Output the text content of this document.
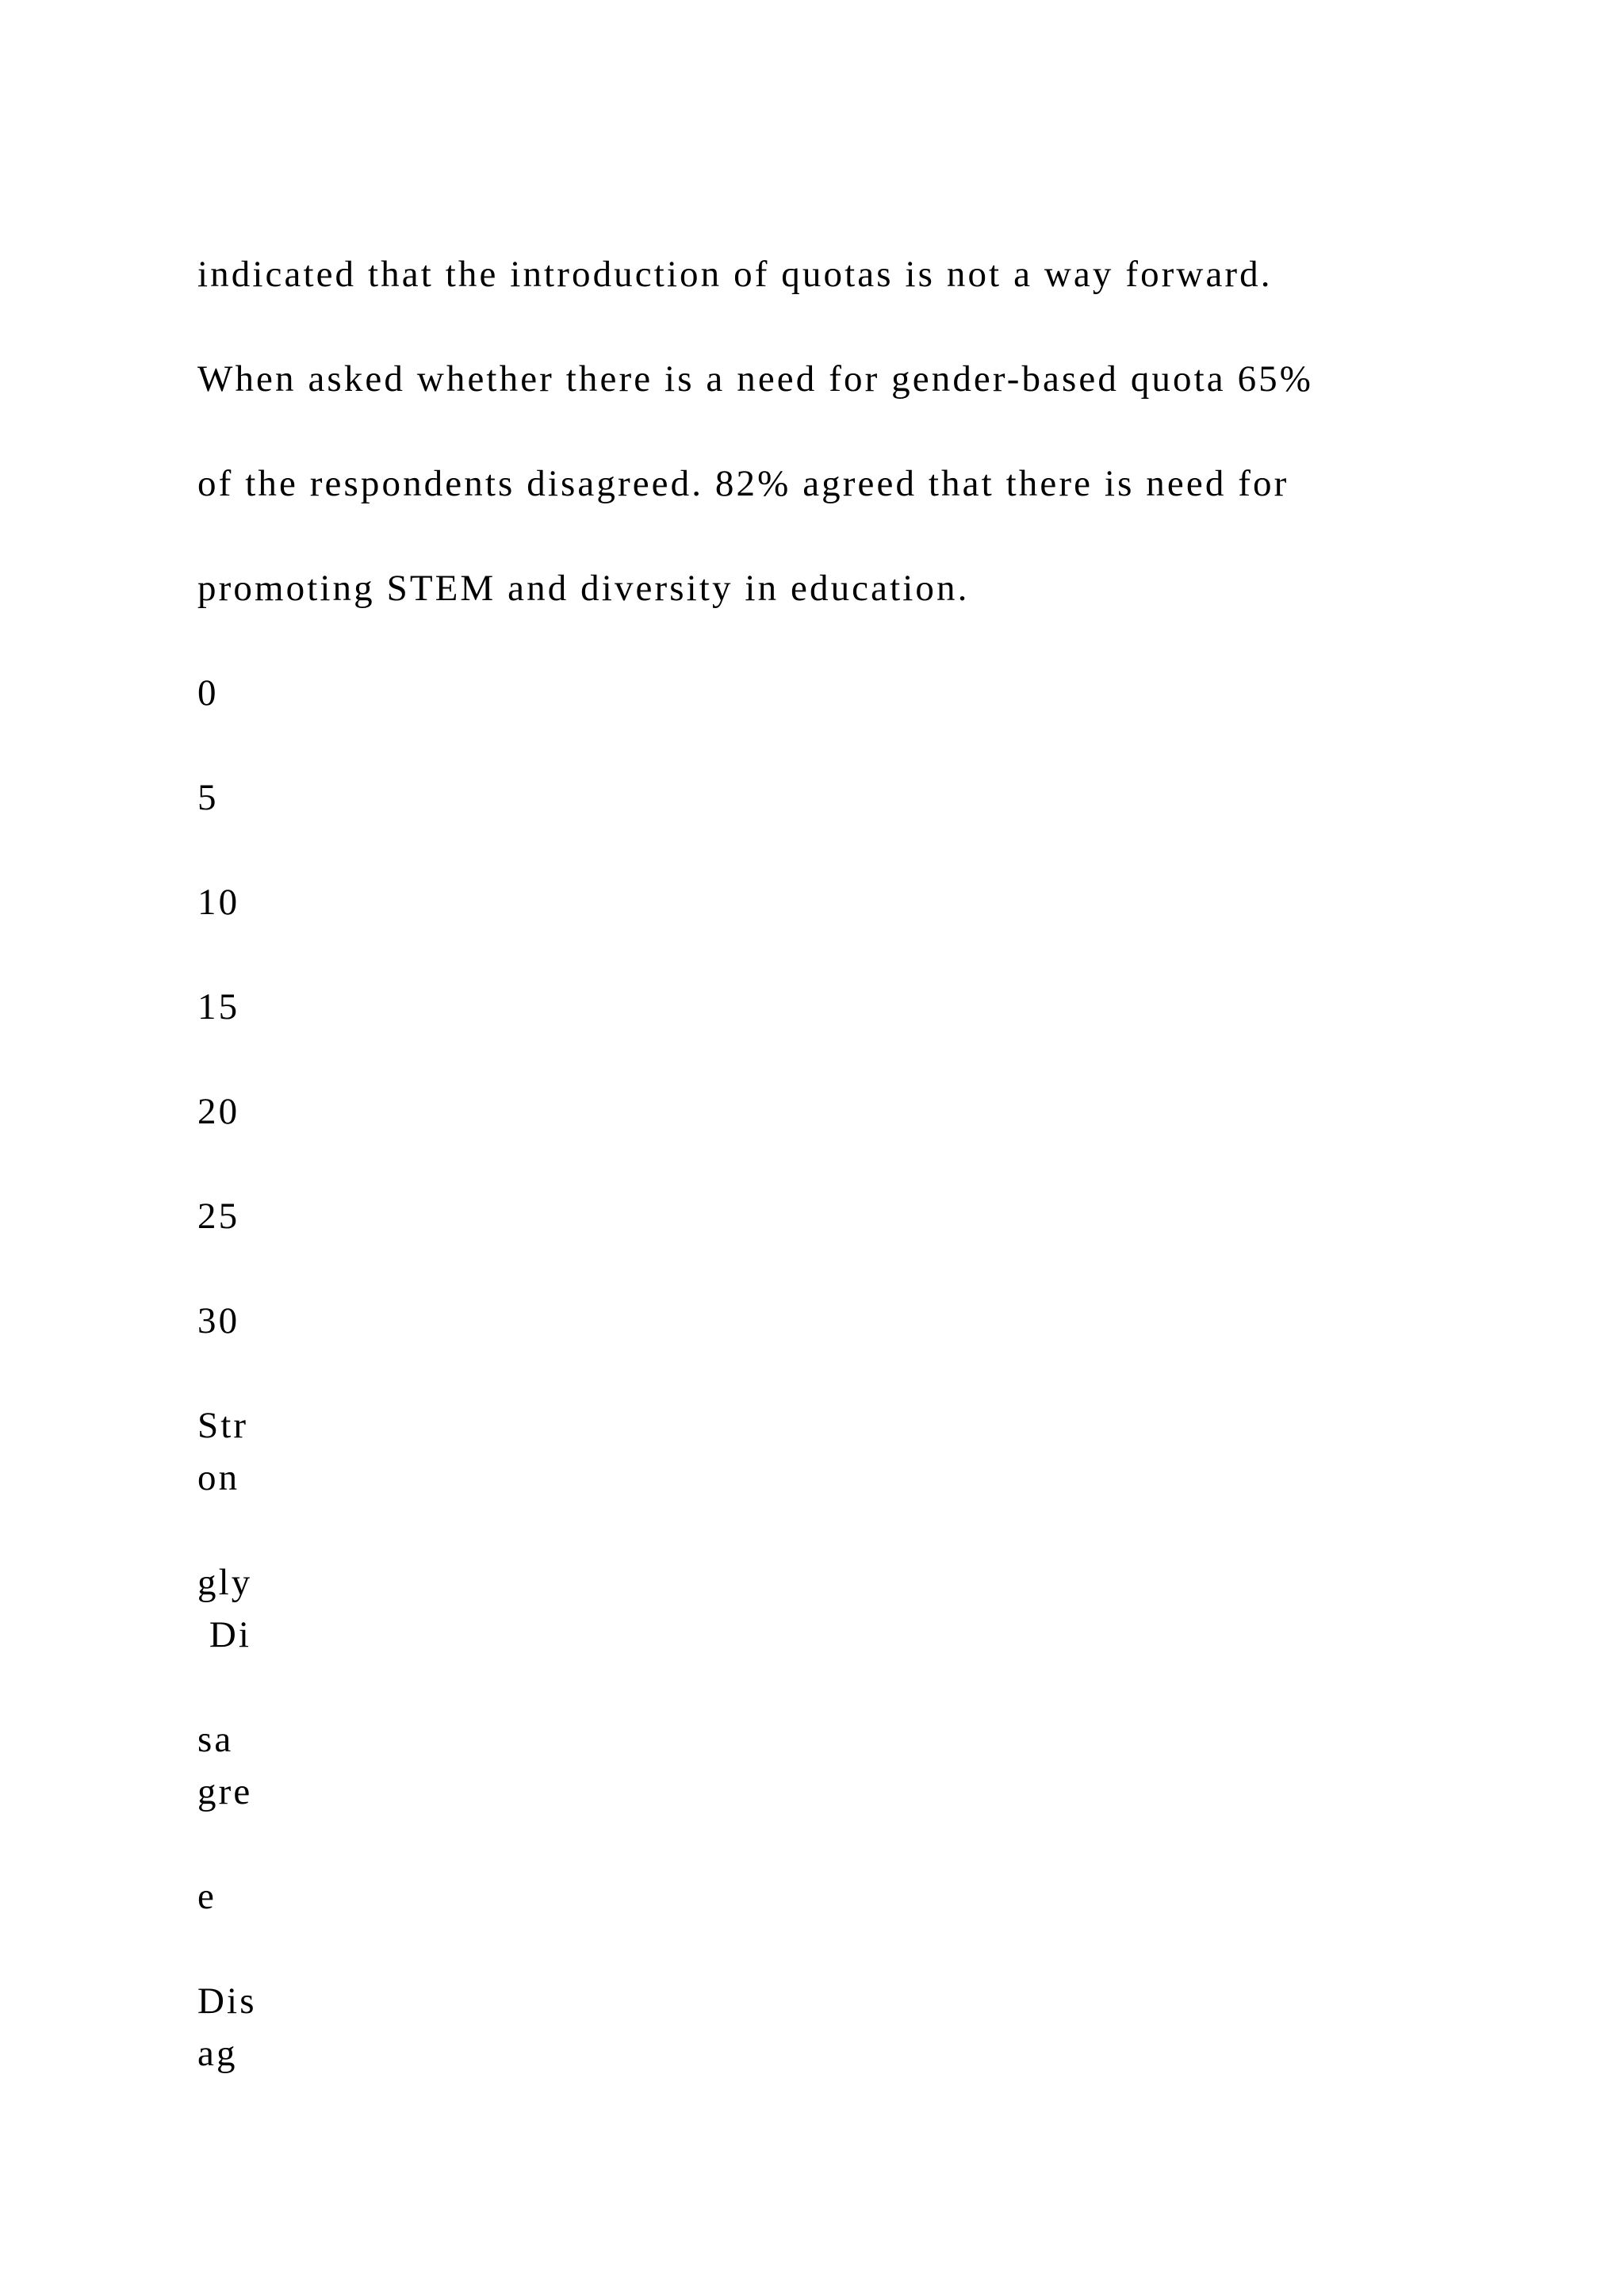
indicated that the introduction of quotas is not a way forward.

When asked whether there is a need for gender-based quota 65%

of the respondents disagreed. 82% agreed that there is need for

promoting STEM and diversity in education.

0

5

10

15

20

25

30

Str

on

gly

Di

sa

gre

e

Dis

ag
